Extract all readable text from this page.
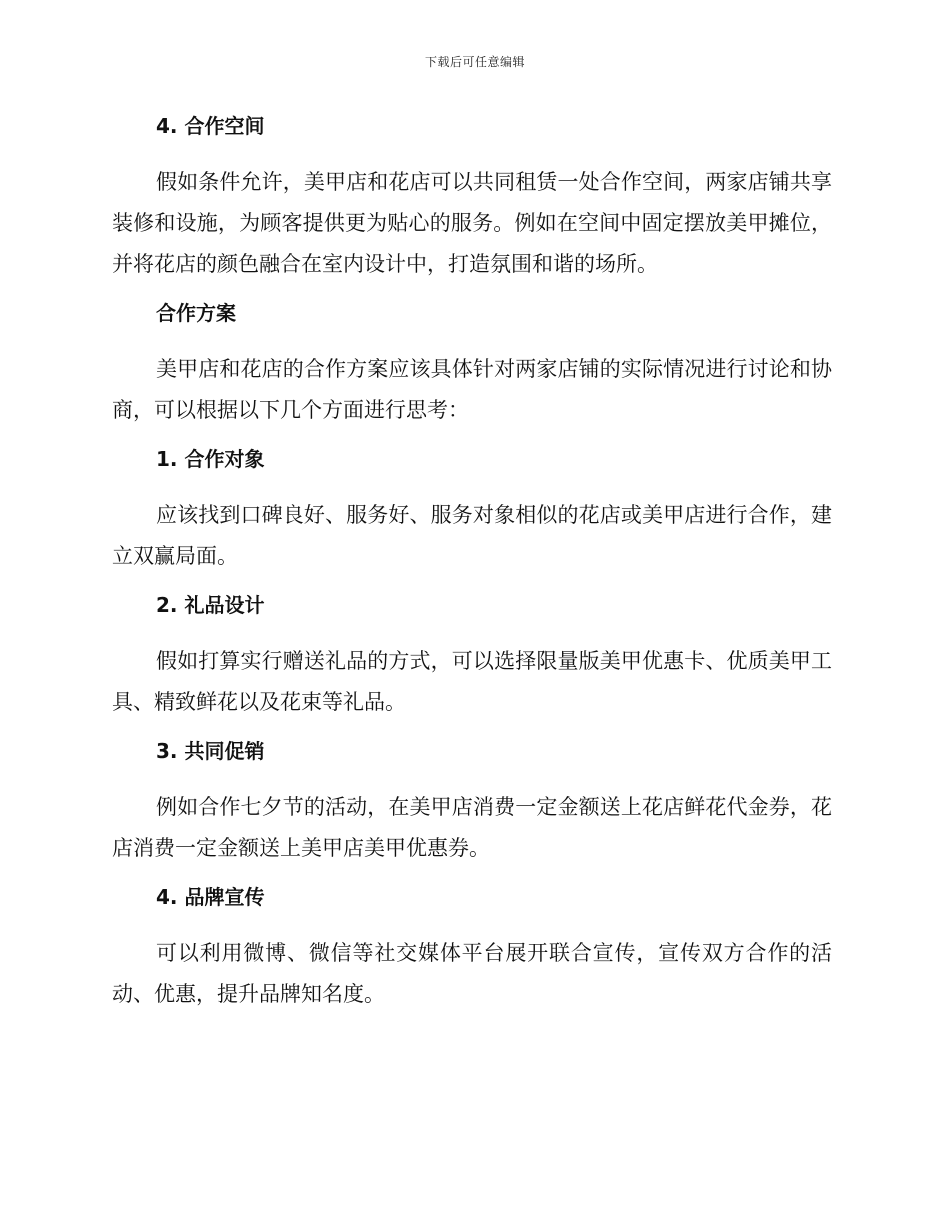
下载后可任意编辑
4. 合作空间

假如条件允许，美甲店和花店可以共同租赁一处合作空间，两家店铺共享装修和设施，为顾客提供更为贴心的服务。例如在空间中固定摆放美甲摊位，并将花店的颜色融合在室内设计中，打造氛围和谐的场所。

合作方案

美甲店和花店的合作方案应该具体针对两家店铺的实际情况进行讨论和协商，可以根据以下几个方面进行思考：

1. 合作对象

应该找到口碑良好、服务好、服务对象相似的花店或美甲店进行合作，建立双赢局面。

2. 礼品设计

假如打算实行赠送礼品的方式，可以选择限量版美甲优惠卡、优质美甲工具、精致鲜花以及花束等礼品。

3. 共同促销

例如合作七夕节的活动，在美甲店消费一定金额送上花店鲜花代金券，花店消费一定金额送上美甲店美甲优惠券。

4. 品牌宣传

可以利用微博、微信等社交媒体平台展开联合宣传，宣传双方合作的活动、优惠，提升品牌知名度。
